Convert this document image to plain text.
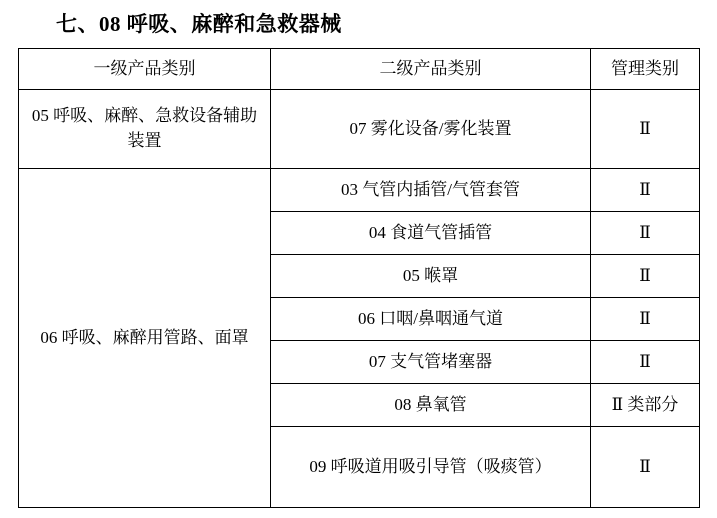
七、08 呼吸、麻醉和急救器械
一级产品类别	二级产品类别	管理类别
05 呼吸、麻醉、急救设备辅助装置	07 雾化设备/雾化装置	Ⅱ
06 呼吸、麻醉用管路、面罩	03 气管内插管/气管套管	Ⅱ
	04 食道气管插管	Ⅱ
	05 喉罩	Ⅱ
	06 口咽/鼻咽通气道	Ⅱ
	07 支气管堵塞器	Ⅱ
	08 鼻氧管	Ⅱ 类部分
	09 呼吸道用吸引导管（吸痰管）	Ⅱ
